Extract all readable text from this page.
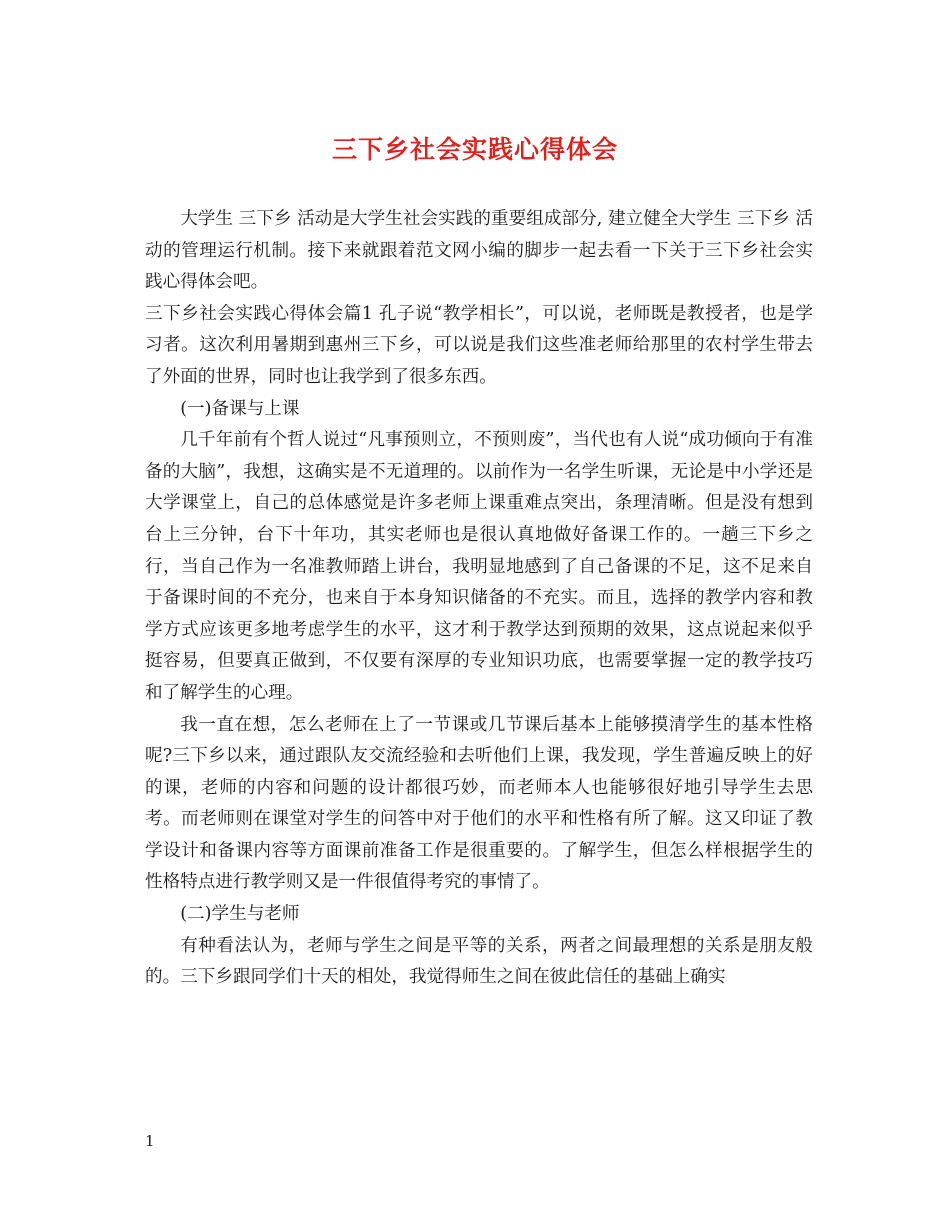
三下乡社会实践心得体会

大学生 三下乡 活动是大学生社会实践的重要组成部分, 建立健全大学生 三下乡 活动的管理运行机制。接下来就跟着范文网小编的脚步一起去看一下关于三下乡社会实践心得体会吧。

三下乡社会实践心得体会篇1 孔子说“教学相长”，可以说，老师既是教授者，也是学习者。这次利用暑期到惠州三下乡，可以说是我们这些准老师给那里的农村学生带去了外面的世界，同时也让我学到了很多东西。

(一)备课与上课

几千年前有个哲人说过“凡事预则立，不预则废”，当代也有人说“成功倾向于有准备的大脑”，我想，这确实是不无道理的。以前作为一名学生听课，无论是中小学还是大学课堂上，自己的总体感觉是许多老师上课重难点突出，条理清晰。但是没有想到台上三分钟，台下十年功，其实老师也是很认真地做好备课工作的。一趟三下乡之行，当自己作为一名准教师踏上讲台，我明显地感到了自己备课的不足，这不足来自于备课时间的不充分，也来自于本身知识储备的不充实。而且，选择的教学内容和教学方式应该更多地考虑学生的水平，这才利于教学达到预期的效果，这点说起来似乎挺容易，但要真正做到，不仅要有深厚的专业知识功底，也需要掌握一定的教学技巧和了解学生的心理。

我一直在想，怎么老师在上了一节课或几节课后基本上能够摸清学生的基本性格呢?三下乡以来，通过跟队友交流经验和去听他们上课，我发现，学生普遍反映上的好的课，老师的内容和问题的设计都很巧妙，而老师本人也能够很好地引导学生去思考。而老师则在课堂对学生的问答中对于他们的水平和性格有所了解。这又印证了教学设计和备课内容等方面课前准备工作是很重要的。了解学生，但怎么样根据学生的性格特点进行教学则又是一件很值得考究的事情了。

(二)学生与老师

有种看法认为，老师与学生之间是平等的关系，两者之间最理想的关系是朋友般的。三下乡跟同学们十天的相处，我觉得师生之间在彼此信任的基础上确实

1
